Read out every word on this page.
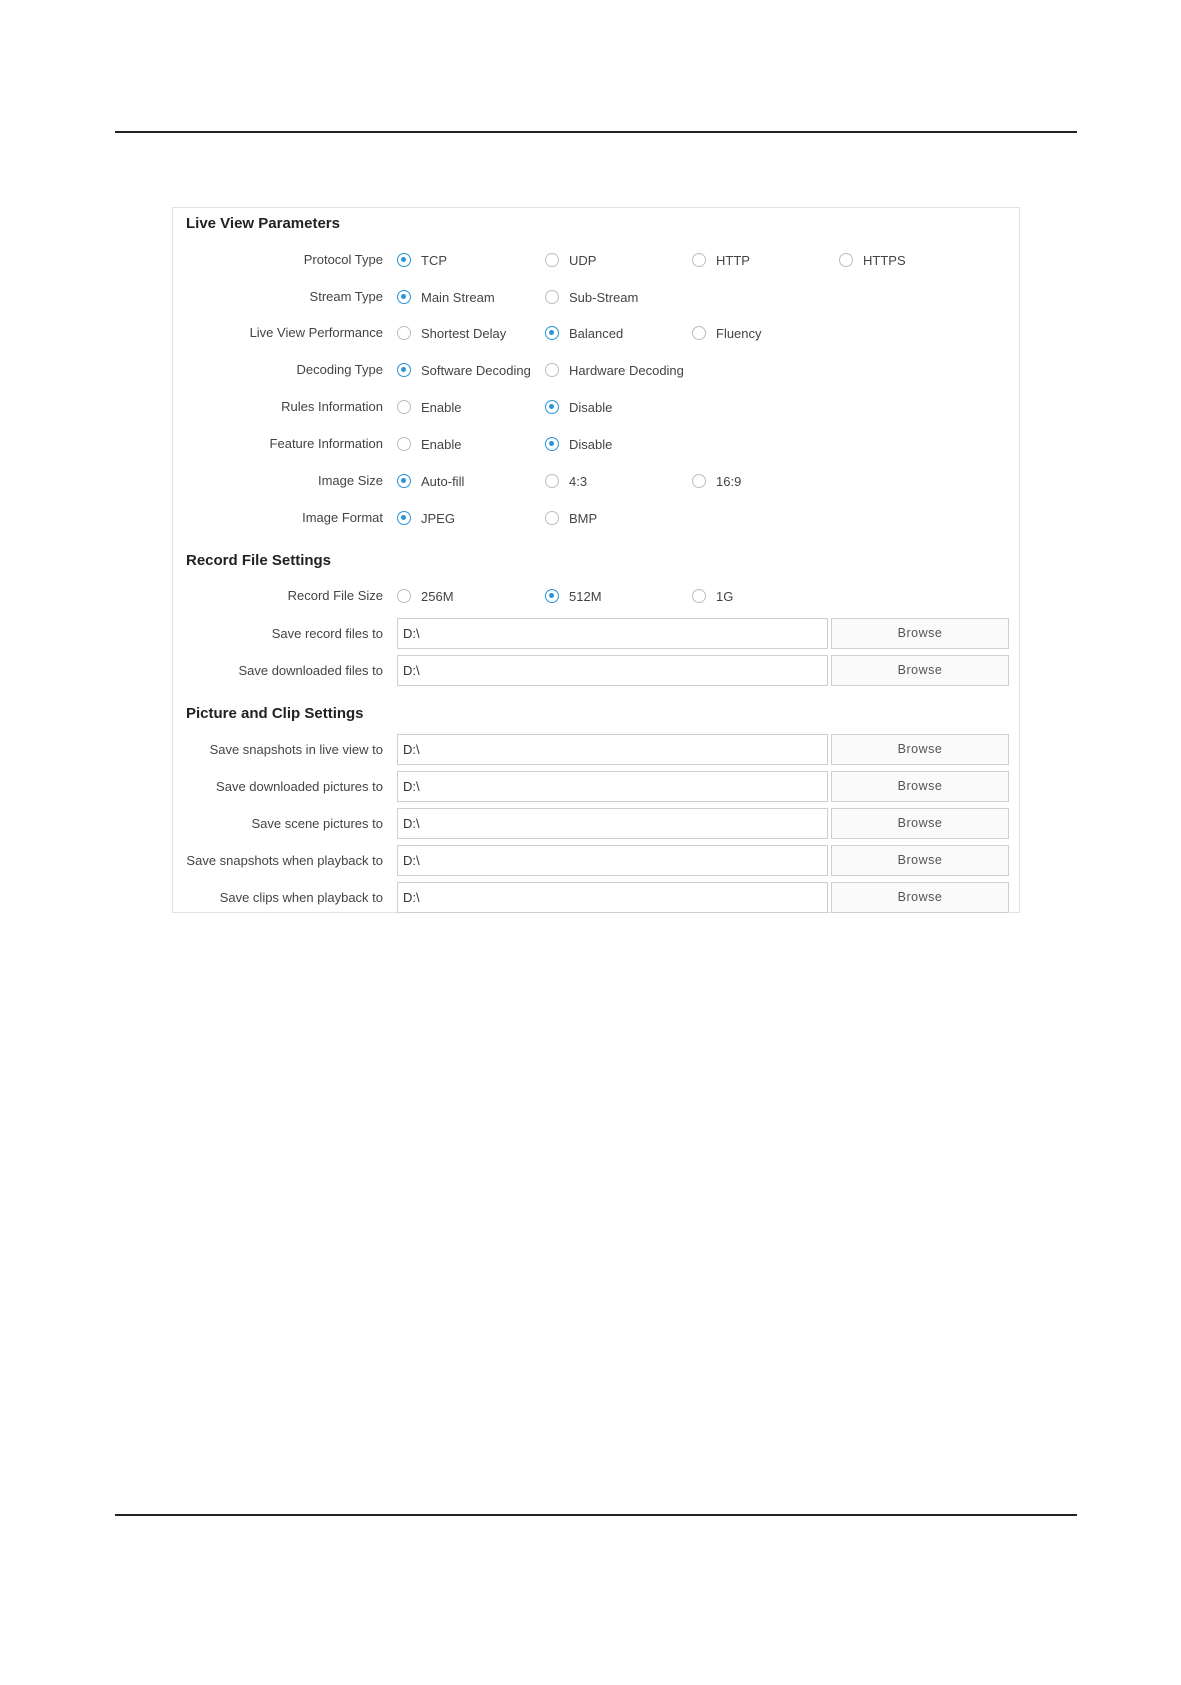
Live View Parameters
Protocol Type	TCP	UDP	HTTP	HTTPS
Stream Type	Main Stream	Sub-Stream
Live View Performance	Shortest Delay	Balanced	Fluency
Decoding Type	Software Decoding	Hardware Decoding
Rules Information	Enable	Disable
Feature Information	Enable	Disable
Image Size	Auto-fill	4:3	16:9
Image Format	JPEG	BMP
Record File Settings
Record File Size	256M	512M	1G
Save record files to	D:\	Browse
Save downloaded files to	D:\	Browse
Picture and Clip Settings
Save snapshots in live view to	D:\	Browse
Save downloaded pictures to	D:\	Browse
Save scene pictures to	D:\	Browse
Save snapshots when playback to	D:\	Browse
Save clips when playback to	D:\	Browse
